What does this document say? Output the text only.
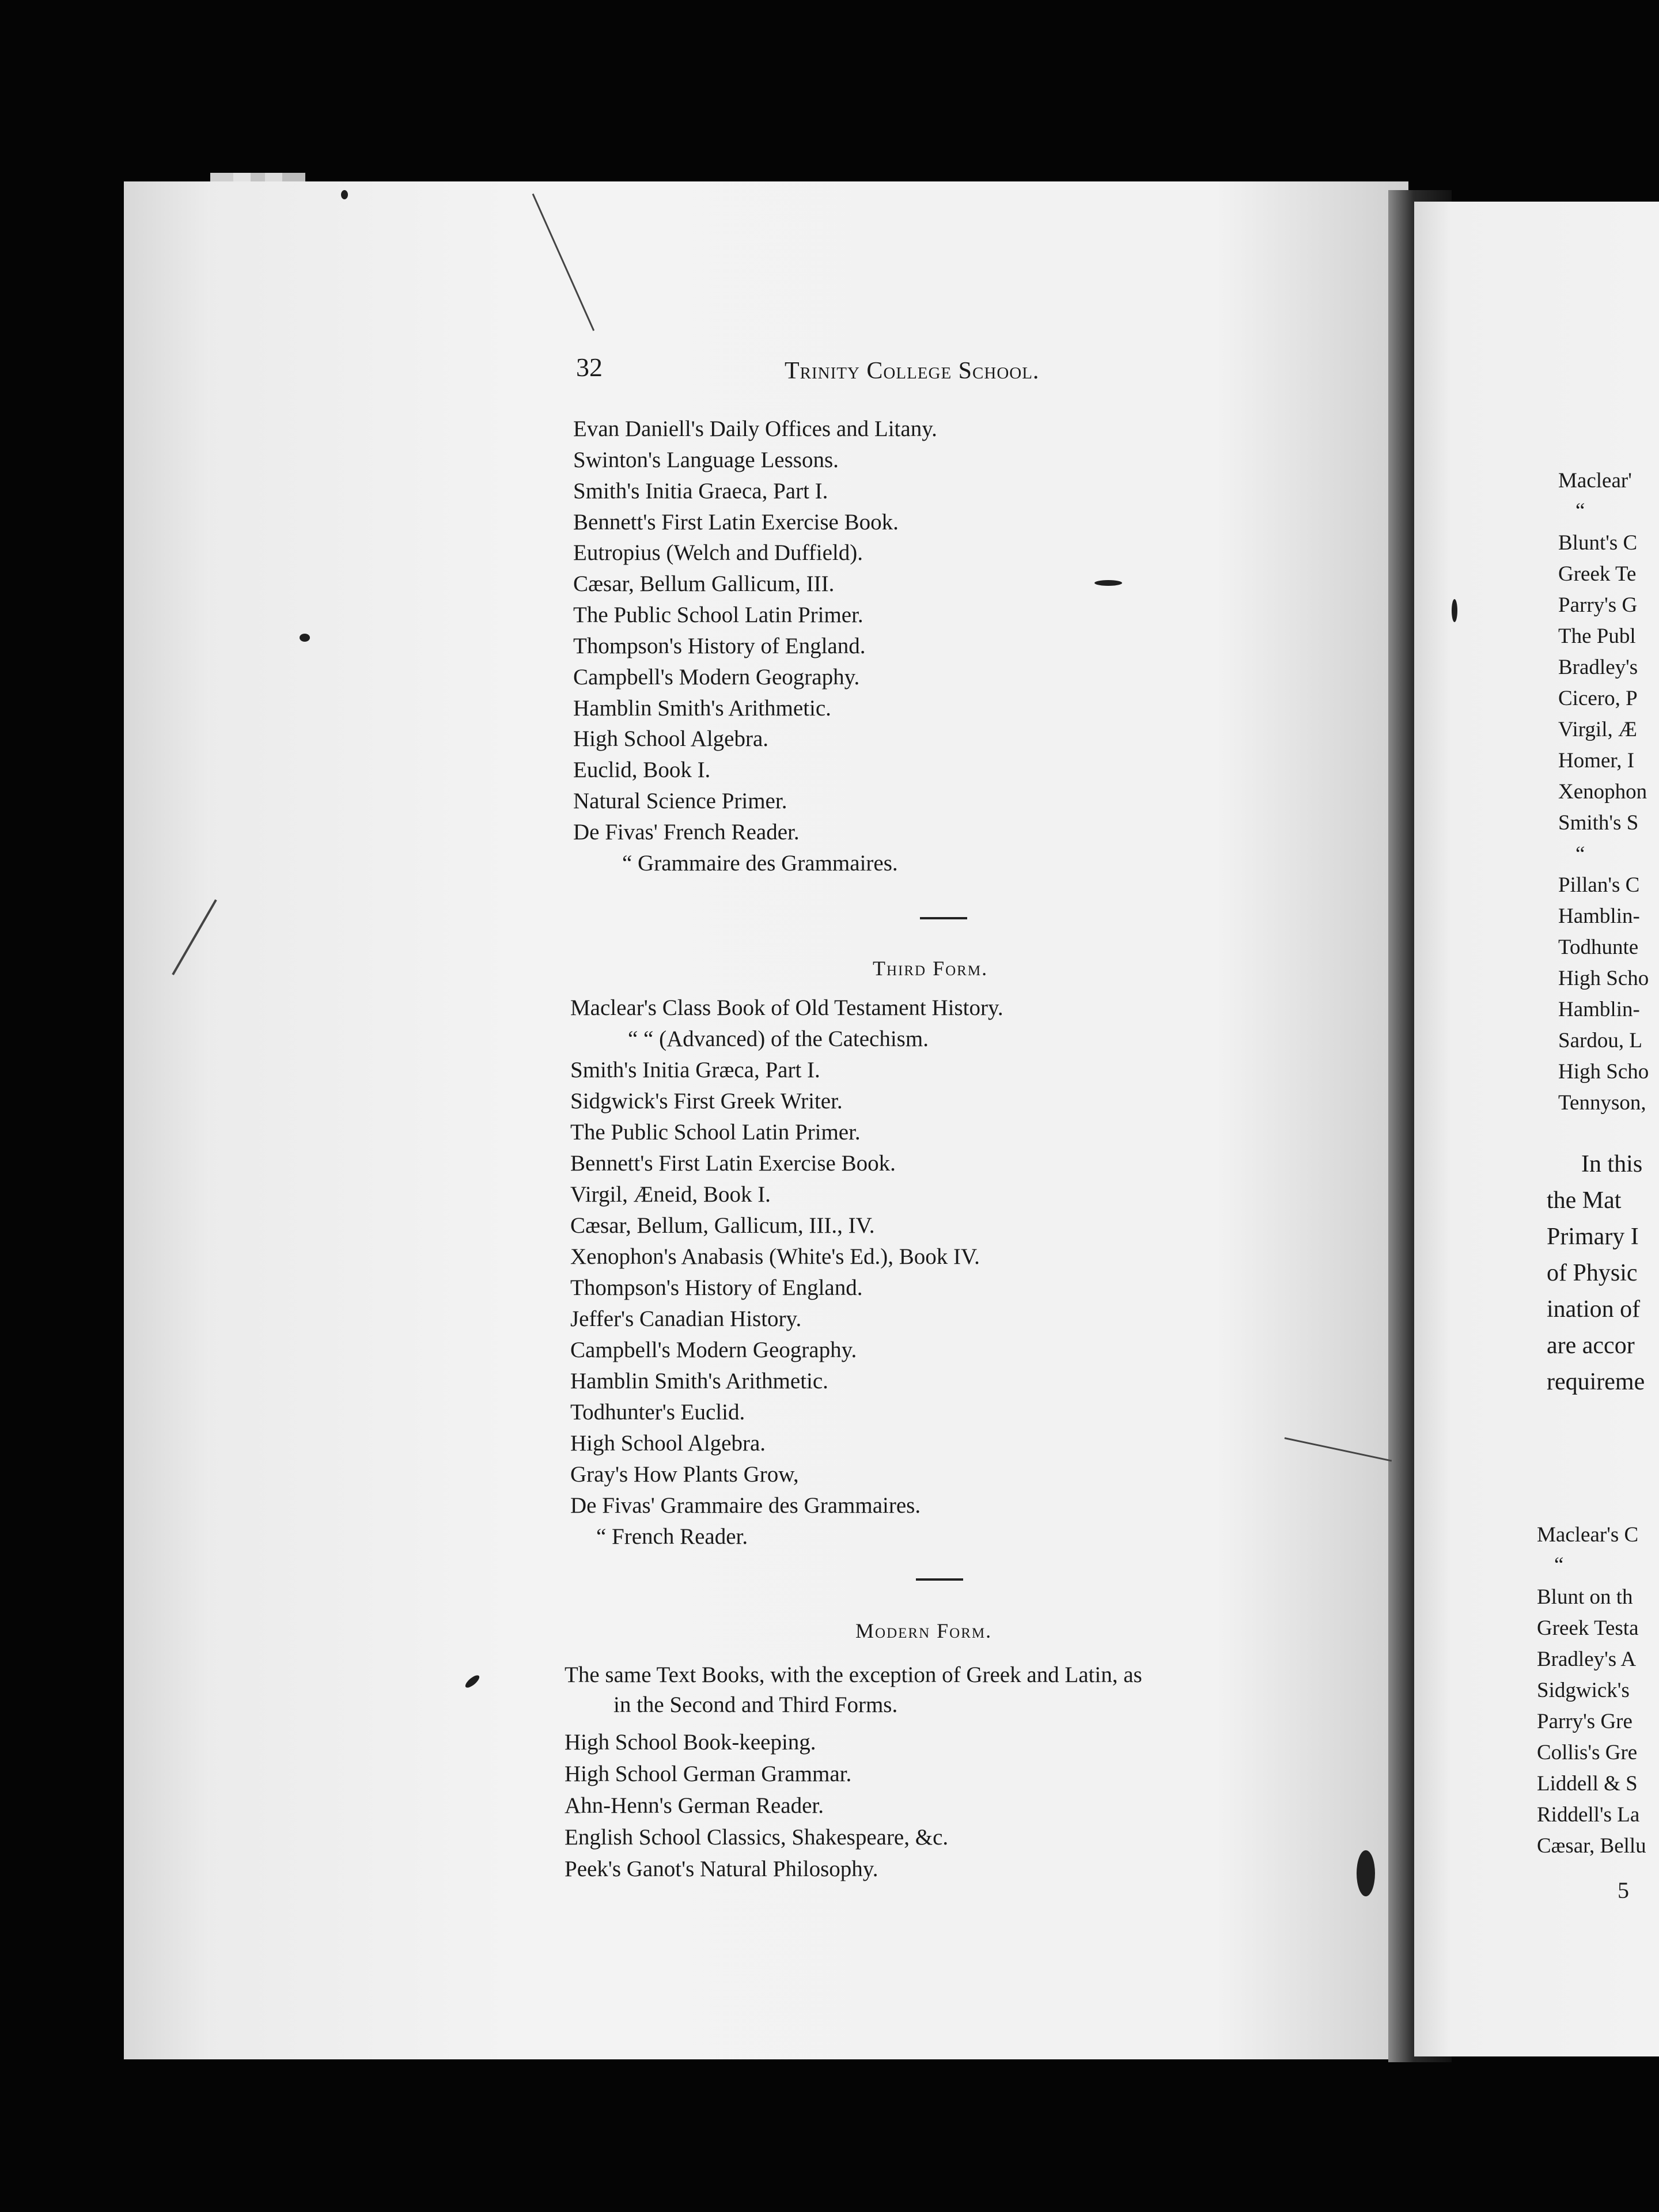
32	Trinity College School.
Evan Daniell's Daily Offices and Litany.
Swinton's Language Lessons.
Smith's Initia Graeca, Part I.
Bennett's First Latin Exercise Book.
Eutropius (Welch and Duffield).
Cæsar, Bellum Gallicum, III.
The Public School Latin Primer.
Thompson's History of England.
Campbell's Modern Geography.
Hamblin Smith's Arithmetic.
High School Algebra.
Euclid, Book I.
Natural Science Primer.
De Fivas' French Reader.
“ Grammaire des Grammaires.
Third Form.
Maclear's Class Book of Old Testament History.
“ “ (Advanced) of the Catechism.
Smith's Initia Græca, Part I.
Sidgwick's First Greek Writer.
The Public School Latin Primer.
Bennett's First Latin Exercise Book.
Virgil, Æneid, Book I.
Cæsar, Bellum, Gallicum, III., IV.
Xenophon's Anabasis (White's Ed.), Book IV.
Thompson's History of England.
Jeffer's Canadian History.
Campbell's Modern Geography.
Hamblin Smith's Arithmetic.
Todhunter's Euclid.
High School Algebra.
Gray's How Plants Grow,
De Fivas' Grammaire des Grammaires.
“ French Reader.
Modern Form.
The same Text Books, with the exception of Greek and Latin, as
in the Second and Third Forms.
High School Book-keeping.
High School German Grammar.
Ahn-Henn's German Reader.
English School Classics, Shakespeare, &c.
Peek's Ganot's Natural Philosophy.
Maclear'
“
Blunt's C
Greek Te
Parry's G
The Publ
Bradley's
Cicero, P
Virgil, Æ
Homer, I
Xenophon
Smith's S
“
Pillan's C
Hamblin-
Todhunte
High Scho
Hamblin-
Sardou, L
High Scho
Tennyson,
In this
the Mat
Primary I
of Physic
ination of
are accor
requireme
Maclear's C
“
Blunt on th
Greek Testa
Bradley's A
Sidgwick's
Parry's Gre
Collis's Gre
Liddell & S
Riddell's La
Cæsar, Bellu
5
